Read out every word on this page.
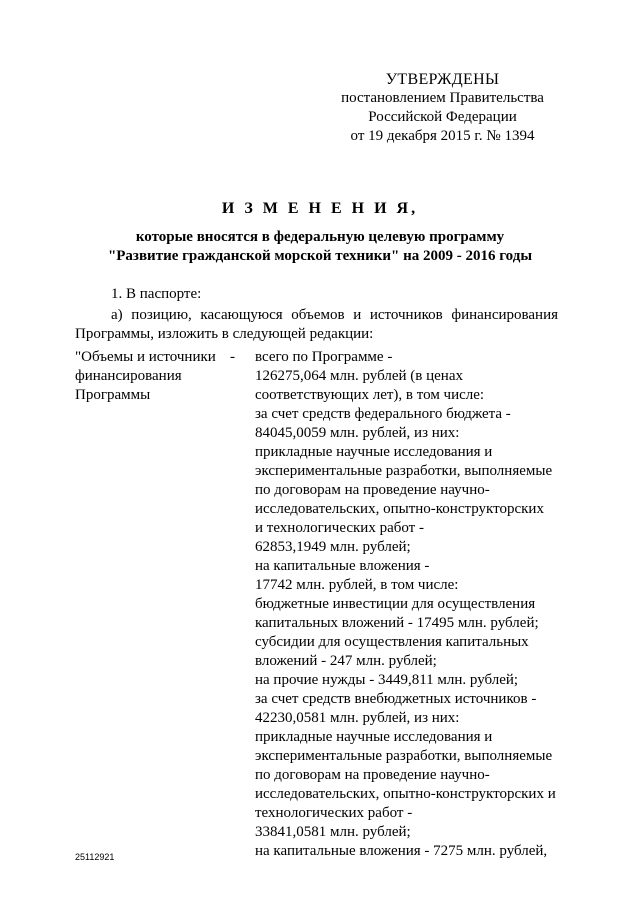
УТВЕРЖДЕНЫ
постановлением Правительства
Российской Федерации
от 19 декабря 2015 г. № 1394
И З М Е Н Е Н И Я,
которые вносятся в федеральную целевую программу
"Развитие гражданской морской техники" на 2009 - 2016 годы
1. В паспорте:
а) позицию, касающуюся объемов и источников финансирования Программы, изложить в следующей редакции:
"Объемы и источники
финансирования
Программы
- всего по Программе -
126275,064 млн. рублей (в ценах
соответствующих лет), в том числе:
за счет средств федерального бюджета -
84045,0059 млн. рублей, из них:
прикладные научные исследования и
экспериментальные разработки, выполняемые
по договорам на проведение научно-
исследовательских, опытно-конструкторских
и технологических работ -
62853,1949 млн. рублей;
на капитальные вложения -
17742 млн. рублей, в том числе:
бюджетные инвестиции для осуществления
капитальных вложений - 17495 млн. рублей;
субсидии для осуществления капитальных
вложений - 247 млн. рублей;
на прочие нужды - 3449,811 млн. рублей;
за счет средств внебюджетных источников -
42230,0581 млн. рублей, из них:
прикладные научные исследования и
экспериментальные разработки, выполняемые
по договорам на проведение научно-
исследовательских, опытно-конструкторских и
технологических работ -
33841,0581 млн. рублей;
на капитальные вложения - 7275 млн. рублей,
25112921
